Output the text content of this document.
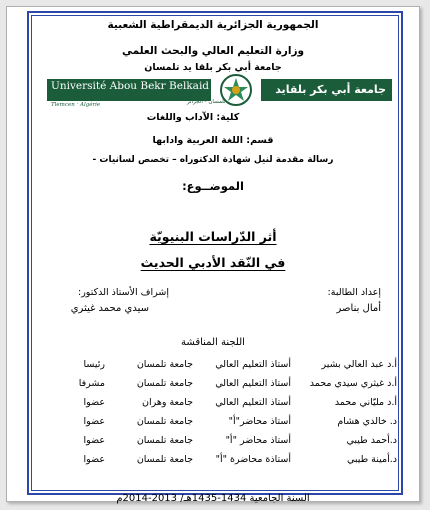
الجمهورية الجزائرية الديمقراطية الشعبية
وزارة التعليم العالي والبحث العلمي
جامعة أبي بكر بلقا يد تلمسان
Université Abou Bekr Belkaid
Tlemcen · Algérie
جامعة أبي بكر بلقايد
تلمسان - الجزائر
كلية: الآداب واللغات
قسم: اللغة العربية وادابها
رسالة مقدمة لنيل شهادة الدكتوراه – تخصص لسانيات -
الموضــوع:
أثر الدّراسات البنيويّة
في النّقد الأدبي الحديث
إعداد الطالبة:
أمال بناصر
إشراف الأستاذ الدكتور:
سيدي محمد غيثري
اللجنة المناقشة
أ.د عبد العالي بشير	أستاذ التعليم العالي	جامعة تلمسان	رئيسا
أ.د غيثري سيدي محمد	أستاذ التعليم العالي	جامعة تلمسان	مشرفا
أ.د مليّاني محمد	أستاذ التعليم العالي	جامعة وهران	عضوا
د. خالدي هشام	أستاذ محاضر"أ"	جامعة تلمسان	عضوا
د.أحمد طيبي	أستاذ محاضر "أ"	جامعة تلمسان	عضوا
د.أمينة طيبي	أستاذة محاضرة "أ"	جامعة تلمسان	عضوا
السنة الجامعية 1434-1435هـ/ 2013-2014م
